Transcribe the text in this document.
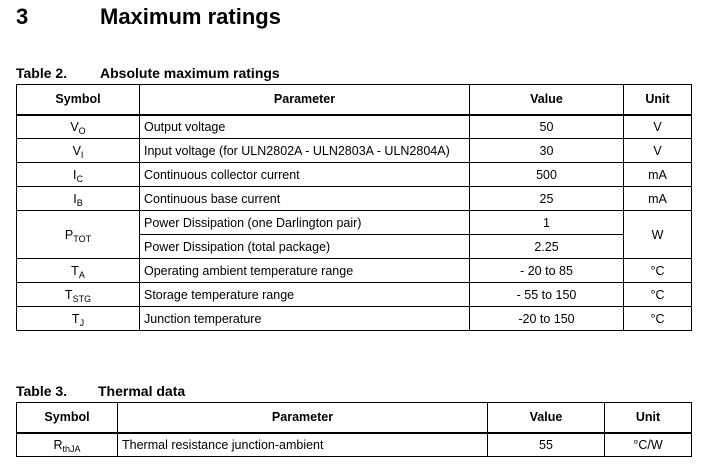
3	Maximum ratings
Table 2. Absolute maximum ratings
Symbol	Parameter	Value	Unit
$V_O$	Output voltage	50	V
$V_I$	Input voltage (for ULN2802A - ULN2803A - ULN2804A)	30	V
$I_C$	Continuous collector current	500	mA
$I_B$	Continuous base current	25	mA
$P_{TOT}$	Power Dissipation (one Darlington pair)	1	W
	Power Dissipation (total package)	2.25	
$T_A$	Operating ambient temperature range	- 20 to 85	°C
$T_{STG}$	Storage temperature range	- 55 to 150	°C
$T_J$	Junction temperature	-20 to 150	°C
Table 3. Thermal data
Symbol	Parameter	Value	Unit
$R_{thJA}$	Thermal resistance junction-ambient	55	°C/W
